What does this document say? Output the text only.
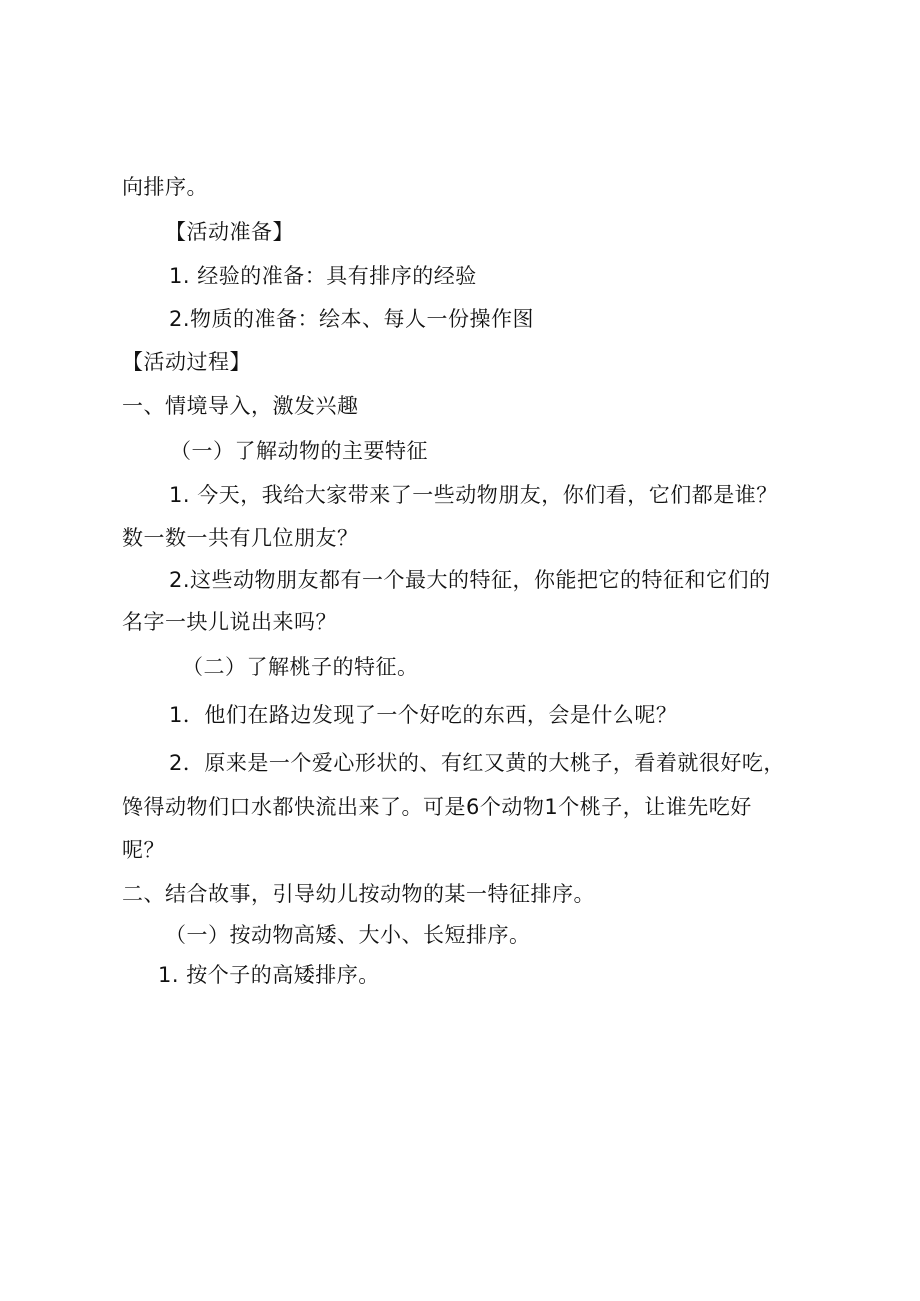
向排序。
【活动准备】
1. 经验的准备：具有排序的经验
2.物质的准备：绘本、每人一份操作图
【活动过程】
一、情境导入，激发兴趣
（一）了解动物的主要特征
1. 今天，我给大家带来了一些动物朋友，你们看，它们都是谁？
数一数一共有几位朋友？
2.这些动物朋友都有一个最大的特征，你能把它的特征和它们的
名字一块儿说出来吗？
（二）了解桃子的特征。
1．他们在路边发现了一个好吃的东西，会是什么呢？
2．原来是一个爱心形状的、有红又黄的大桃子，看着就很好吃，
馋得动物们口水都快流出来了。可是6个动物1个桃子，让谁先吃好
呢？
二、结合故事，引导幼儿按动物的某一特征排序。
（一）按动物高矮、大小、长短排序。
1. 按个子的高矮排序。
